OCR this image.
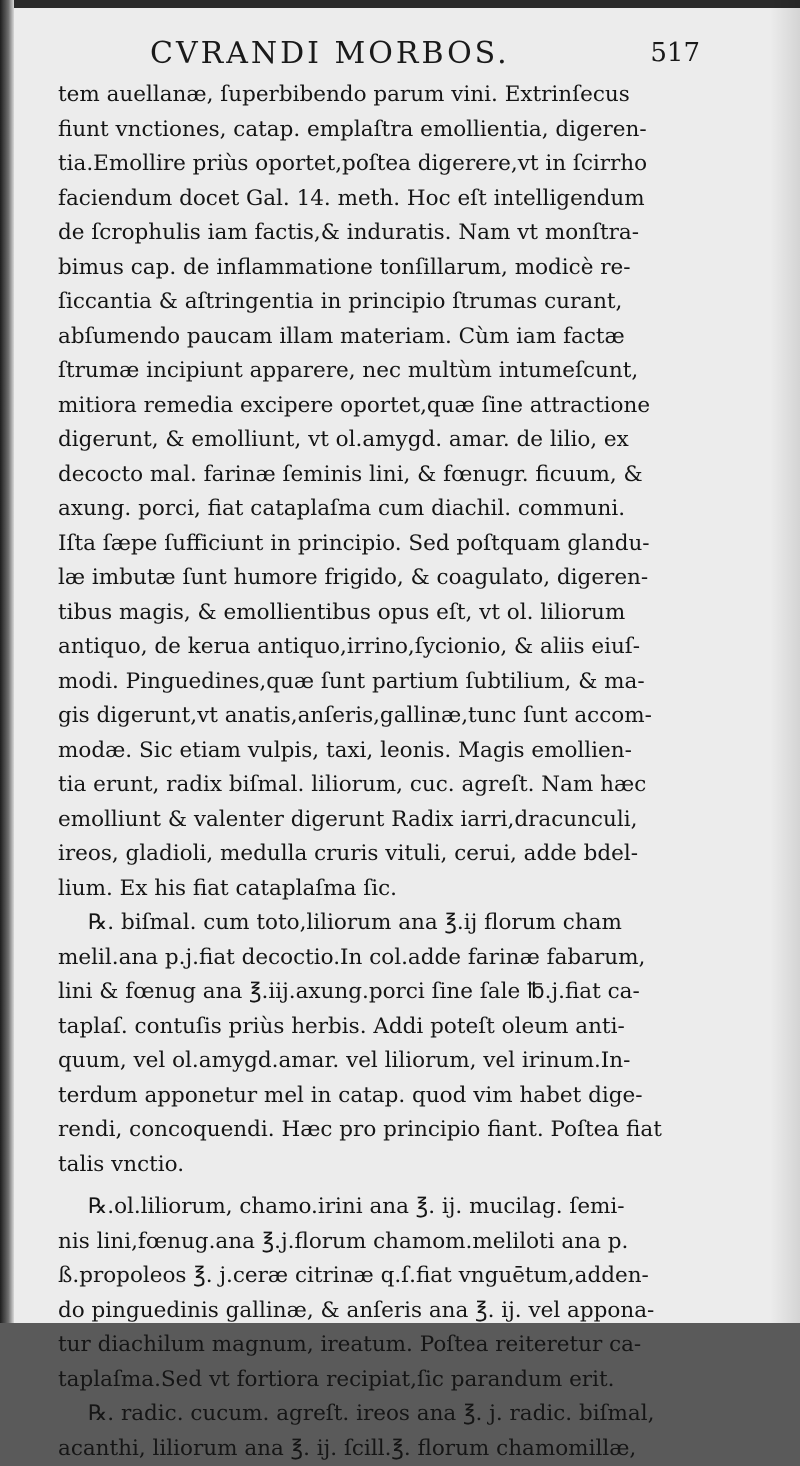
CVRANDI MORBOS.	517
tem auellanæ, ſuperbibendo parum vini. Extrinſecus
fiunt vnctiones, catap. emplaſtra emollientia, digeren-
tia.Emollire priùs oportet,poſtea digerere,vt in ſcirrho
faciendum docet Gal. 14. meth. Hoc eſt intelligendum
de ſcrophulis iam factis,& induratis. Nam vt monſtra-
bimus cap. de inflammatione tonſillarum, modicè re-
ſiccantia & aſtringentia in principio ſtrumas curant,
abſumendo paucam illam materiam. Cùm iam factæ
ſtrumæ incipiunt apparere, nec multùm intumeſcunt,
mitiora remedia excipere oportet,quæ ſine attractione
digerunt, & emolliunt, vt ol.amygd. amar. de lilio, ex
decocto mal. farinæ ſeminis lini, & fœnugr. ficuum, &
axung. porci, fiat cataplaſma cum diachil. communi.
Iſta ſæpe ſufficiunt in principio. Sed poſtquam glandu-
læ imbutæ ſunt humore frigido, & coagulato, digeren-
tibus magis, & emollientibus opus eſt, vt ol. liliorum
antiquo, de keruа antiquo,irrino,ſycionio, & aliis eiuſ-
modi. Pinguedines,quæ ſunt partium ſubtilium, & ma-
gis digerunt,vt anatis,anſeris,gallinæ,tunc ſunt accom-
modæ. Sic etiam vulpis, taxi, leonis. Magis emollien-
tia erunt, radix biſmal. liliorum, cuc. agreſt. Nam hæc
emolliunt & valenter digerunt Radix iarri,dracunculi,
ireos, gladioli, medulla cruris vituli, cerui, adde bdel-
lium. Ex his fiat cataplaſma ſic.
℞. biſmal. cum toto,liliorum ana ℥.ij florum cham
melil.ana p.j.fiat decoctio.In col.adde farinæ fabarum,
lini & fœnug ana ℥.iij.axung.porci ſine ſale ℔.j.fiat ca-
taplaſ. contuſis priùs herbis. Addi poteſt oleum anti-
quum, vel ol.amygd.amar. vel liliorum, vel irinum.In-
terdum apponetur mel in catap. quod vim habet dige-
rendi, concoquendi. Hæc pro principio fiant. Poſtea fiat
talis vnctio.
℞.ol.liliorum, chamo.irini ana ℥. ij. mucilag. ſemi-
nis lini,fœnug.ana ℥.j.florum chamom.meliloti ana p.
ß.propoleos ℥. j.ceræ citrinæ q.ſ.fiat vnguētum,adden-
do pinguedinis gallinæ, & anſeris ana ℥. ij. vel appona-
tur diachilum magnum, ireatum. Poſtea reiteretur ca-
taplaſma.Sed vt fortiora recipiat,ſic parandum erit.
℞. radic. cucum. agreſt. ireos ana ℥. j. radic. biſmal,
acanthi, liliorum ana ℥. ij. ſcill.℥. florum chamomillæ,
